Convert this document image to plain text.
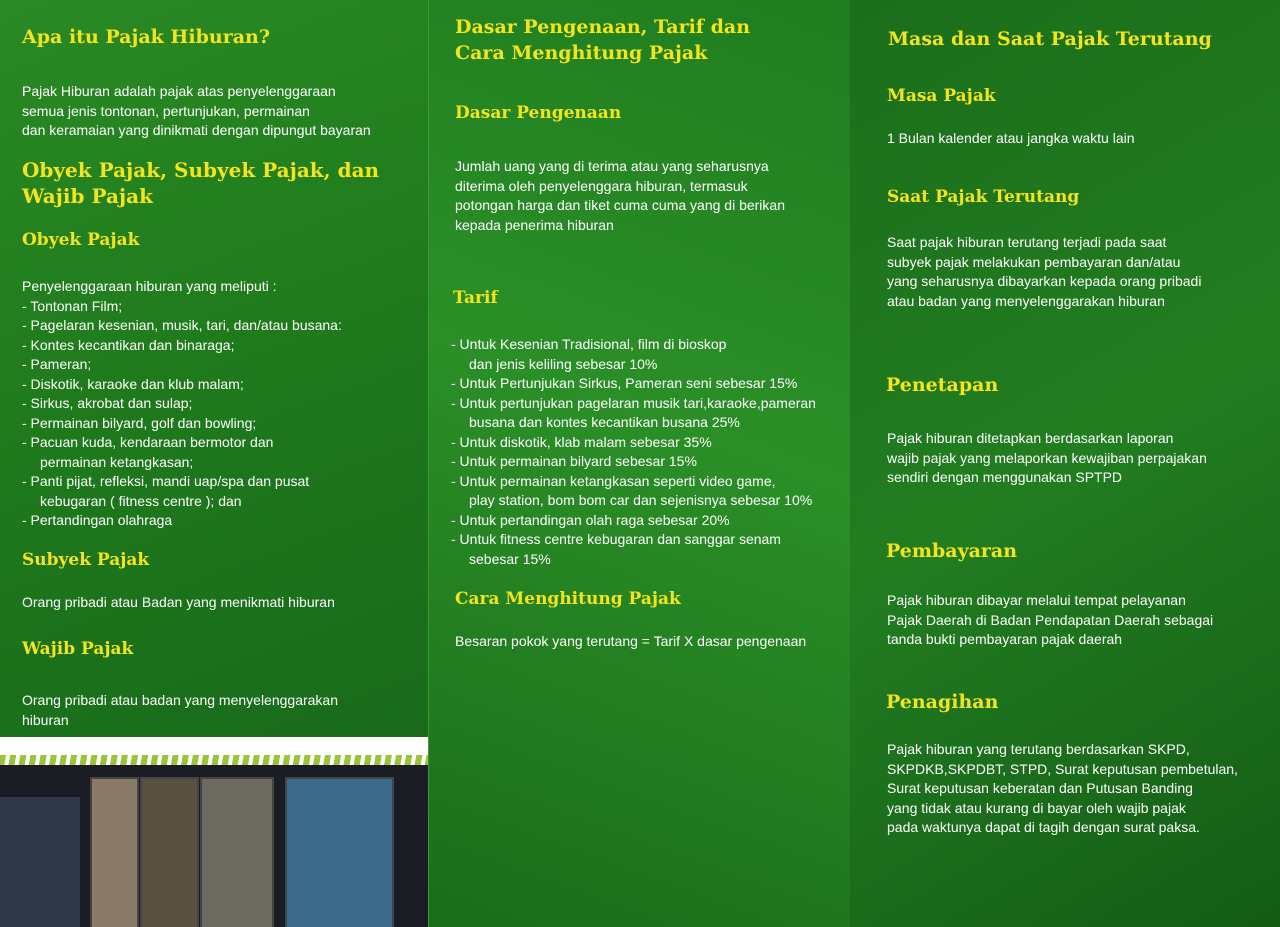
Apa itu Pajak Hiburan?
Pajak Hiburan adalah pajak atas penyelenggaraan
semua jenis tontonan, pertunjukan, permainan
dan keramaian yang dinikmati dengan dipungut bayaran
Obyek Pajak, Subyek Pajak, dan
Wajib Pajak
Obyek Pajak
Penyelenggaraan hiburan yang meliputi :
- Tontonan Film;
- Pagelaran kesenian, musik, tari, dan/atau busana:
- Kontes kecantikan dan binaraga;
- Pameran;
- Diskotik, karaoke dan klub malam;
- Sirkus, akrobat dan sulap;
- Permainan bilyard, golf dan bowling;
- Pacuan kuda, kendaraan bermotor dan
permainan ketangkasan;
- Panti pijat, refleksi, mandi uap/spa dan pusat
kebugaran ( fitness centre ); dan
- Pertandingan olahraga
Subyek Pajak
Orang pribadi atau Badan yang menikmati hiburan
Wajib Pajak
Orang pribadi atau badan yang menyelenggarakan
hiburan
Dasar Pengenaan, Tarif dan
Cara Menghitung Pajak
Dasar Pengenaan
Jumlah uang yang di terima atau yang seharusnya
diterima oleh penyelenggara hiburan, termasuk
potongan harga dan tiket cuma cuma yang di berikan
kepada penerima hiburan
Tarif
- Untuk Kesenian Tradisional, film di bioskop
dan jenis keliling sebesar 10%
- Untuk Pertunjukan Sirkus, Pameran seni sebesar 15%
- Untuk pertunjukan pagelaran musik tari,karaoke,pameran
busana dan kontes kecantikan busana 25%
- Untuk diskotik, klab malam sebesar 35%
- Untuk permainan bilyard sebesar 15%
- Untuk permainan ketangkasan seperti video game,
play station, bom bom car dan sejenisnya sebesar 10%
- Untuk pertandingan olah raga sebesar 20%
- Untuk fitness centre kebugaran dan sanggar senam
sebesar 15%
Cara Menghitung Pajak
Besaran pokok yang terutang = Tarif X dasar pengenaan
Masa dan Saat Pajak Terutang
Masa Pajak
1 Bulan kalender atau jangka waktu lain
Saat Pajak Terutang
Saat pajak hiburan terutang terjadi pada saat
subyek pajak melakukan pembayaran dan/atau
yang seharusnya dibayarkan kepada orang pribadi
atau badan yang menyelenggarakan hiburan
Penetapan
Pajak hiburan ditetapkan berdasarkan laporan
wajib pajak yang melaporkan kewajiban perpajakan
sendiri dengan menggunakan SPTPD
Pembayaran
Pajak hiburan dibayar melalui tempat pelayanan
Pajak Daerah di Badan Pendapatan Daerah sebagai
tanda bukti pembayaran pajak daerah
Penagihan
Pajak hiburan yang terutang berdasarkan SKPD,
SKPDKB,SKPDBT, STPD, Surat keputusan pembetulan,
Surat keputusan keberatan dan Putusan Banding
yang tidak atau kurang di bayar oleh wajib pajak
pada waktunya dapat di tagih dengan surat paksa.
